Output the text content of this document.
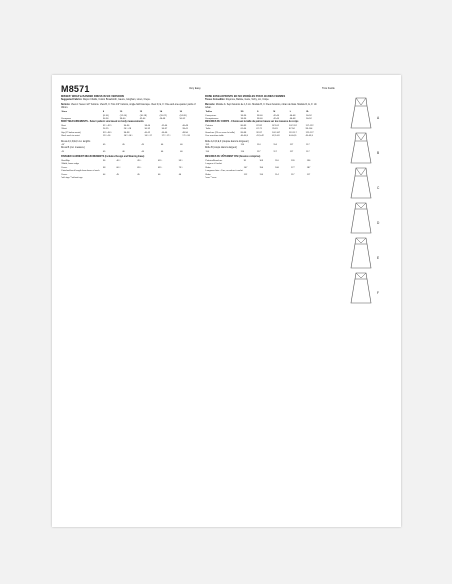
M8571	Very Easy	Très Facile
MISSES' WRAP & BANDED DRESS IN SIX VERSIONS

Suggested Fabrics: Rayon Challis, Cotton Broadcloth, Gauze, Gingham, Linen, Crepe.

Notions: View A: Seven 1/2" buttons. View B, C: Two 1/2" buttons, single-fold bias tape. View D, E, F: One-and-one-quarter yards of ribbon.

Sizes	8	10	12	14	16
	(8-10)	(12-14)	(16-18)	(20-22)	(24-26)
European	34-36	38-40	42-44	46-48	50-52
BODY MEASUREMENTS - Select pattern size based on body measurements
Bust	31½-32½	34-36	38-40	42-44	46-48
Waist	24-25	26½-28	30-32	34-37	39-41
Hip (9" below waist)	33½-34½	36-38	40-42	44-46	48-50
Back neck to waist	15¾-16	16¼-16½	16¾-17	17¼-17½	17¾-18
Dress A,C,D,E,F cut. lengths
44"	45	45	45	46	46
Dress B (cut. measure)
45	45	46	46	46	46
FINISHED GARMENT MEASUREMENTS (includes Design and Wearing Ease)
Bust/Hip	36	40½	45½	49½	53½
Width, lower edge					
Dress	58	60½	65½	69½	73½
Finished back length from base of neck					
Dress	44	45	45	46	46
*with tags **without tags
ROBE ENVELOPPANTE EN SIX MODÈLES POUR JEUNES FEMMES

Tissus Conseillés: Rayonne, Batiste, Gaze, Vichy, Lin, Crêpe.

Mercerie: Modèle A: Sept boutons de 1,3 cm. Modèle B, C: Deux boutons, ruban de biais. Modèle D, E, F: Un ruban.

Tailles	XS	S	M	L	XL
Françaises	34-36	38-40	42-44	46-48	50-52
Européennes	34-36	38-40	42-44	46-48	50-52
MESURES DU CORPS - Choisissez la taille du patron basée sur les mesures du corps
Poitrine	80-83	87-92	97-102	107-112	117-122
Taille	61-64	67-71	76-81	87-94	99-104
Hanches (23 cm sous la taille)	85-88	92-97	102-107	112-117	122-127
Dos encolure-taille	40-40,5	41,5-42	42,5-43	44-44,5	45-45,5
Robe A,C,D,E,F (coupée dans la longueur)
112	114	114	114	117	117
Robe B (coupé dans la largeur)
114	114	117	117	117	117
MESURES DU VÊTEMENT FINI (Aisance comprise)
Poitrine/Hanches	91	103	116	126	136
Largeur à l'ourlet					
Robe	147	154	166	177	187
Longueur finie - Dos, encolure à ourlet					
Robe	112	114	114	117	117
*avec **sans
A
B
C
D
E
F
